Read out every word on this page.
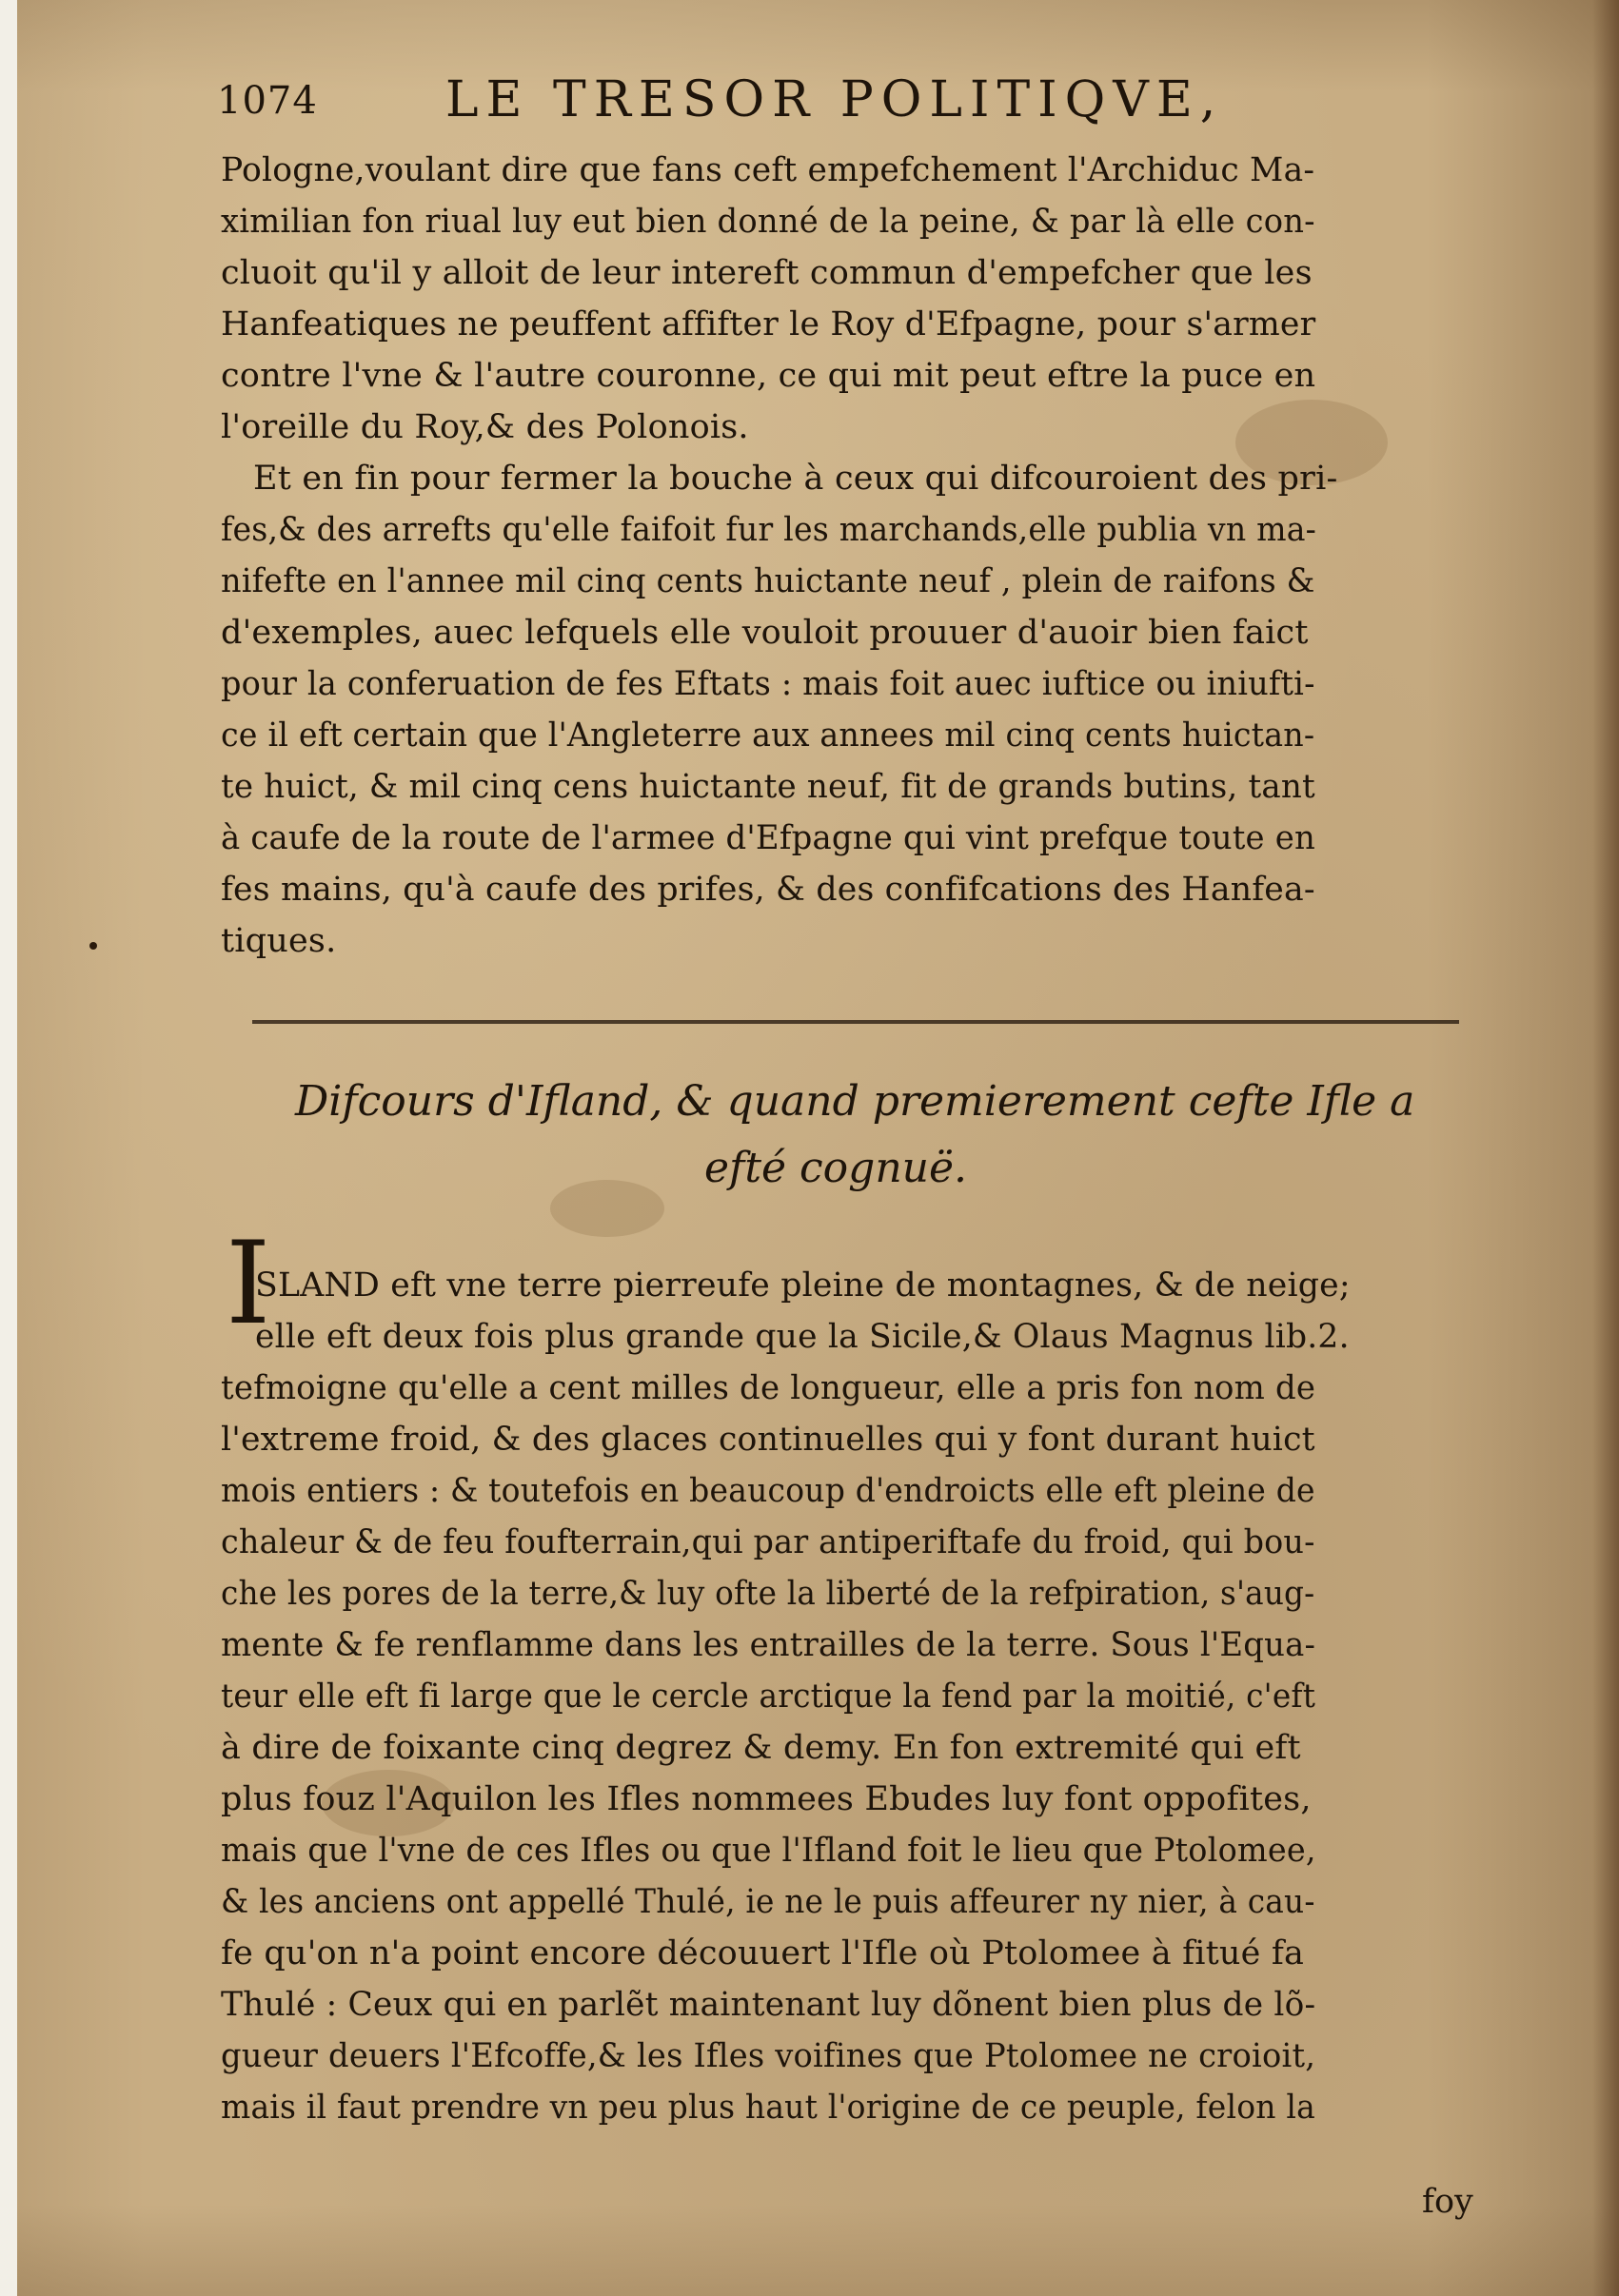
1074	LE TRESOR POLITIQVE,
Pologne,voulant dire que fans ceft empefchement l'Archiduc Ma-
ximilian fon riual luy eut bien donné de la peine, & par là elle con-
cluoit qu'il y alloit de leur intereft commun d'empefcher que les
Hanfeatiques ne peuffent affifter le Roy d'Efpagne, pour s'armer
contre l'vne & l'autre couronne, ce qui mit peut eftre la puce en
l'oreille du Roy,& des Polonois.
Et en fin pour fermer la bouche à ceux qui difcouroient des pri-
fes,& des arrefts qu'elle faifoit fur les marchands,elle publia vn ma-
nifefte en l'annee mil cinq cents huictante neuf , plein de raifons &
d'exemples, auec lefquels elle vouloit prouuer d'auoir bien faict
pour la conferuation de fes Eftats : mais foit auec iuftice ou iniufti-
ce il eft certain que l'Angleterre aux annees mil cinq cents huictan-
te huict, & mil cinq cens huictante neuf, fit de grands butins, tant
à caufe de la route de l'armee d'Efpagne qui vint prefque toute en
fes mains, qu'à caufe des prifes, & des confifcations des Hanfea-
tiques.
Difcours d'Ifland, & quand premierement cefte Ifle a
efté cognuë.
I
SLAND eft vne terre pierreufe pleine de montagnes, & de neige;
elle eft deux fois plus grande que la Sicile,& Olaus Magnus lib.2.
tefmoigne qu'elle a cent milles de longueur, elle a pris fon nom de
l'extreme froid, & des glaces continuelles qui y font durant huict
mois entiers : & toutefois en beaucoup d'endroicts elle eft pleine de
chaleur & de feu foufterrain,qui par antiperiftafe du froid, qui bou-
che les pores de la terre,& luy ofte la liberté de la refpiration, s'aug-
mente & fe renflamme dans les entrailles de la terre. Sous l'Equa-
teur elle eft fi large que le cercle arctique la fend par la moitié, c'eft
à dire de foixante cinq degrez & demy. En fon extremité qui eft
plus fouz l'Aquilon les Ifles nommees Ebudes luy font oppofites,
mais que l'vne de ces Ifles ou que l'Ifland foit le lieu que Ptolomee,
& les anciens ont appellé Thulé, ie ne le puis affeurer ny nier, à cau-
fe qu'on n'a point encore découuert l'Ifle où Ptolomee à fitué fa
Thulé : Ceux qui en parlẽt maintenant luy dõnent bien plus de lõ-
gueur deuers l'Efcoffe,& les Ifles voifines que Ptolomee ne croioit,
mais il faut prendre vn peu plus haut l'origine de ce peuple, felon la
foy
